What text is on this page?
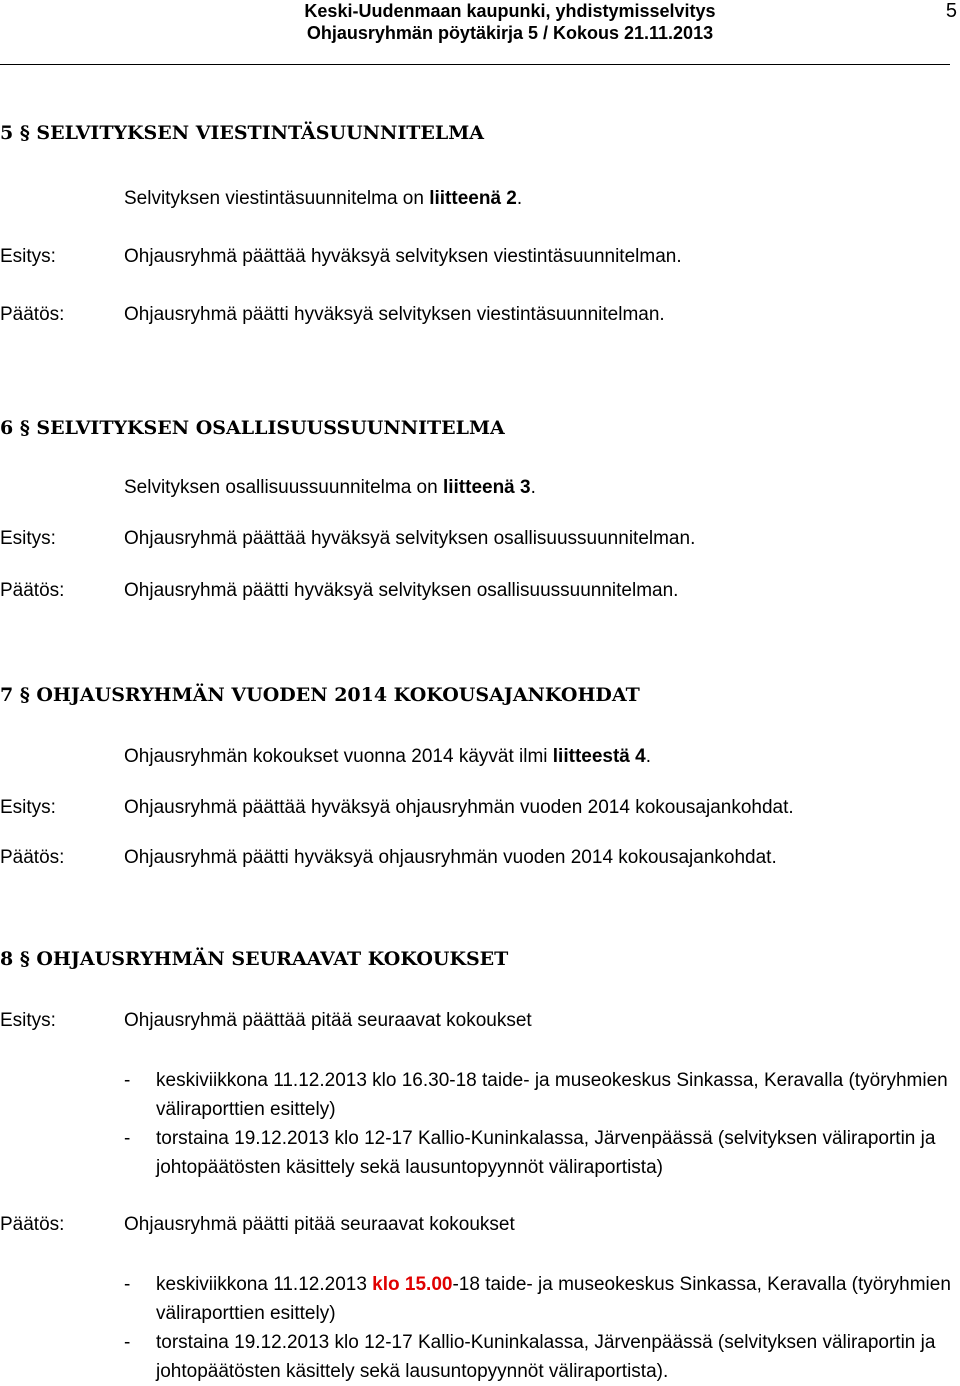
Keski-Uudenmaan kaupunki, yhdistymisselvitys
Ohjausryhmän pöytäkirja 5 / Kokous 21.11.2013
5
5 § SELVITYKSEN VIESTINTÄSUUNNITELMA
Selvityksen viestintäsuunnitelma on liitteenä 2.
Esitys:	Ohjausryhmä päättää hyväksyä selvityksen viestintäsuunnitelman.
Päätös:	Ohjausryhmä päätti hyväksyä selvityksen viestintäsuunnitelman.
6 § SELVITYKSEN OSALLISUUSSUUNNITELMA
Selvityksen osallisuussuunnitelma on liitteenä 3.
Esitys:	Ohjausryhmä päättää hyväksyä selvityksen osallisuussuunnitelman.
Päätös:	Ohjausryhmä päätti hyväksyä selvityksen osallisuussuunnitelman.
7 § OHJAUSRYHMÄN VUODEN 2014 KOKOUSAJANKOHDAT
Ohjausryhmän kokoukset vuonna 2014 käyvät ilmi liitteestä 4.
Esitys:	Ohjausryhmä päättää hyväksyä ohjausryhmän vuoden 2014 kokousajankohdat.
Päätös:	Ohjausryhmä päätti hyväksyä ohjausryhmän vuoden 2014 kokousajankohdat.
8 § OHJAUSRYHMÄN SEURAAVAT KOKOUKSET
Esitys:	Ohjausryhmä päättää pitää seuraavat kokoukset
- keskiviikkona 11.12.2013 klo 16.30-18 taide- ja museokeskus Sinkassa, Keravalla (työryhmien väliraporttien esittely)
- torstaina 19.12.2013 klo 12-17 Kallio-Kuninkalassa, Järvenpäässä (selvityksen väliraportin ja johtopäätösten käsittely sekä lausuntopyynnöt väliraportista)
Päätös:	Ohjausryhmä päätti pitää seuraavat kokoukset
- keskiviikkona 11.12.2013 klo 15.00-18 taide- ja museokeskus Sinkassa, Keravalla (työryhmien väliraporttien esittely)
- torstaina 19.12.2013 klo 12-17 Kallio-Kuninkalassa, Järvenpäässä (selvityksen väliraportin ja johtopäätösten käsittely sekä lausuntopyynnöt väliraportista).
